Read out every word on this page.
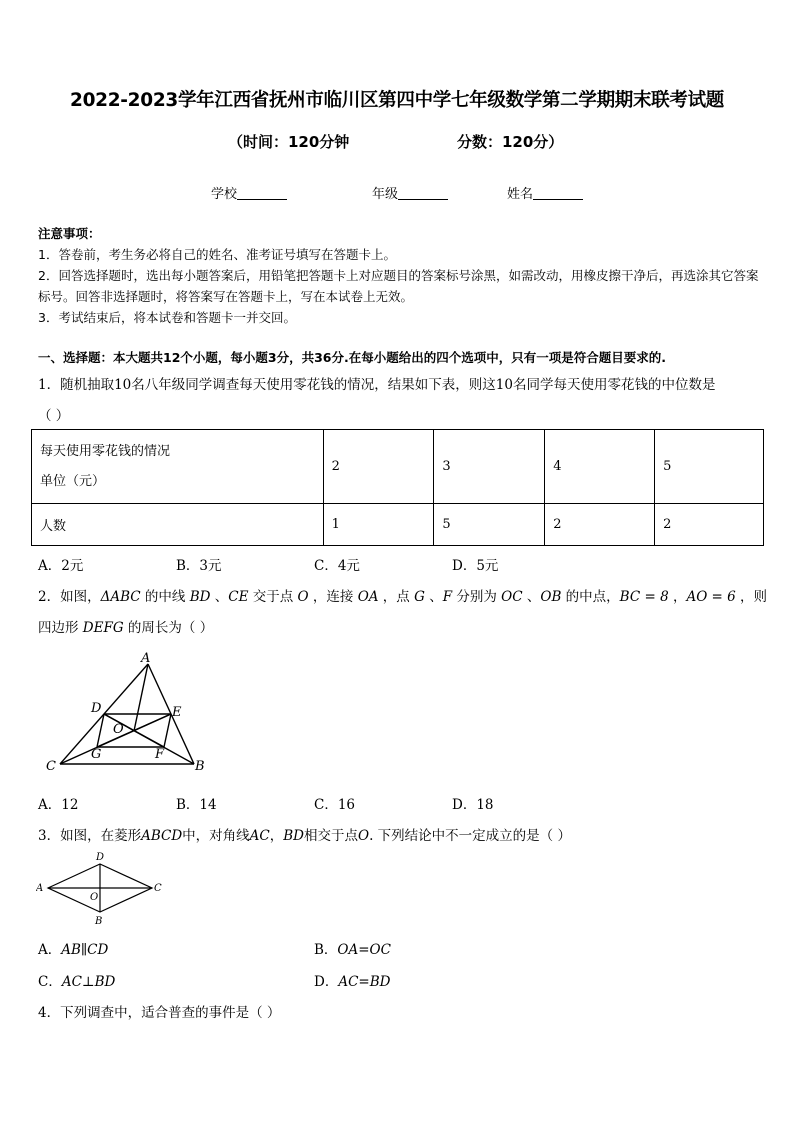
2022-2023学年江西省抚州市临川区第四中学七年级数学第二学期期末联考试题
（时间：120分钟	分数：120分）
学校	年级	姓名
注意事项：
1．答卷前，考生务必将自己的姓名、准考证号填写在答题卡上。
2．回答选择题时，选出每小题答案后，用铅笔把答题卡上对应题目的答案标号涂黑，如需改动，用橡皮擦干净后，再选涂其它答案标号。回答非选择题时，将答案写在答题卡上，写在本试卷上无效。
3．考试结束后，将本试卷和答题卡一并交回。
一、选择题：本大题共12个小题，每小题3分，共36分.在每小题给出的四个选项中，只有一项是符合题目要求的.
1．随机抽取10名八年级同学调查每天使用零花钱的情况，结果如下表，则这10名同学每天使用零花钱的中位数是
（ ）
每天使用零花钱的情况
单位（元）	2	3	4	5
人数	1	5	2	2
A．2元	B．3元	C．4元	D．5元
2．如图，ΔABC 的中线 BD 、CE 交于点 O ，连接 OA ，点 G 、F 分别为 OC 、OB 的中点，BC = 8 ，AO = 6 ，则
四边形 DEFG 的周长为（ ）
A
B
C
D	E
F
G
O
A．12	B．14	C．16	D．18
3．如图，在菱形ABCD中，对角线AC，BD相交于点O. 下列结论中不一定成立的是（ ）
A	C
D
B
O
A．AB∥CD	B．OA=OC
C．AC⊥BD	D．AC=BD
4．下列调查中，适合普查的事件是（ ）
